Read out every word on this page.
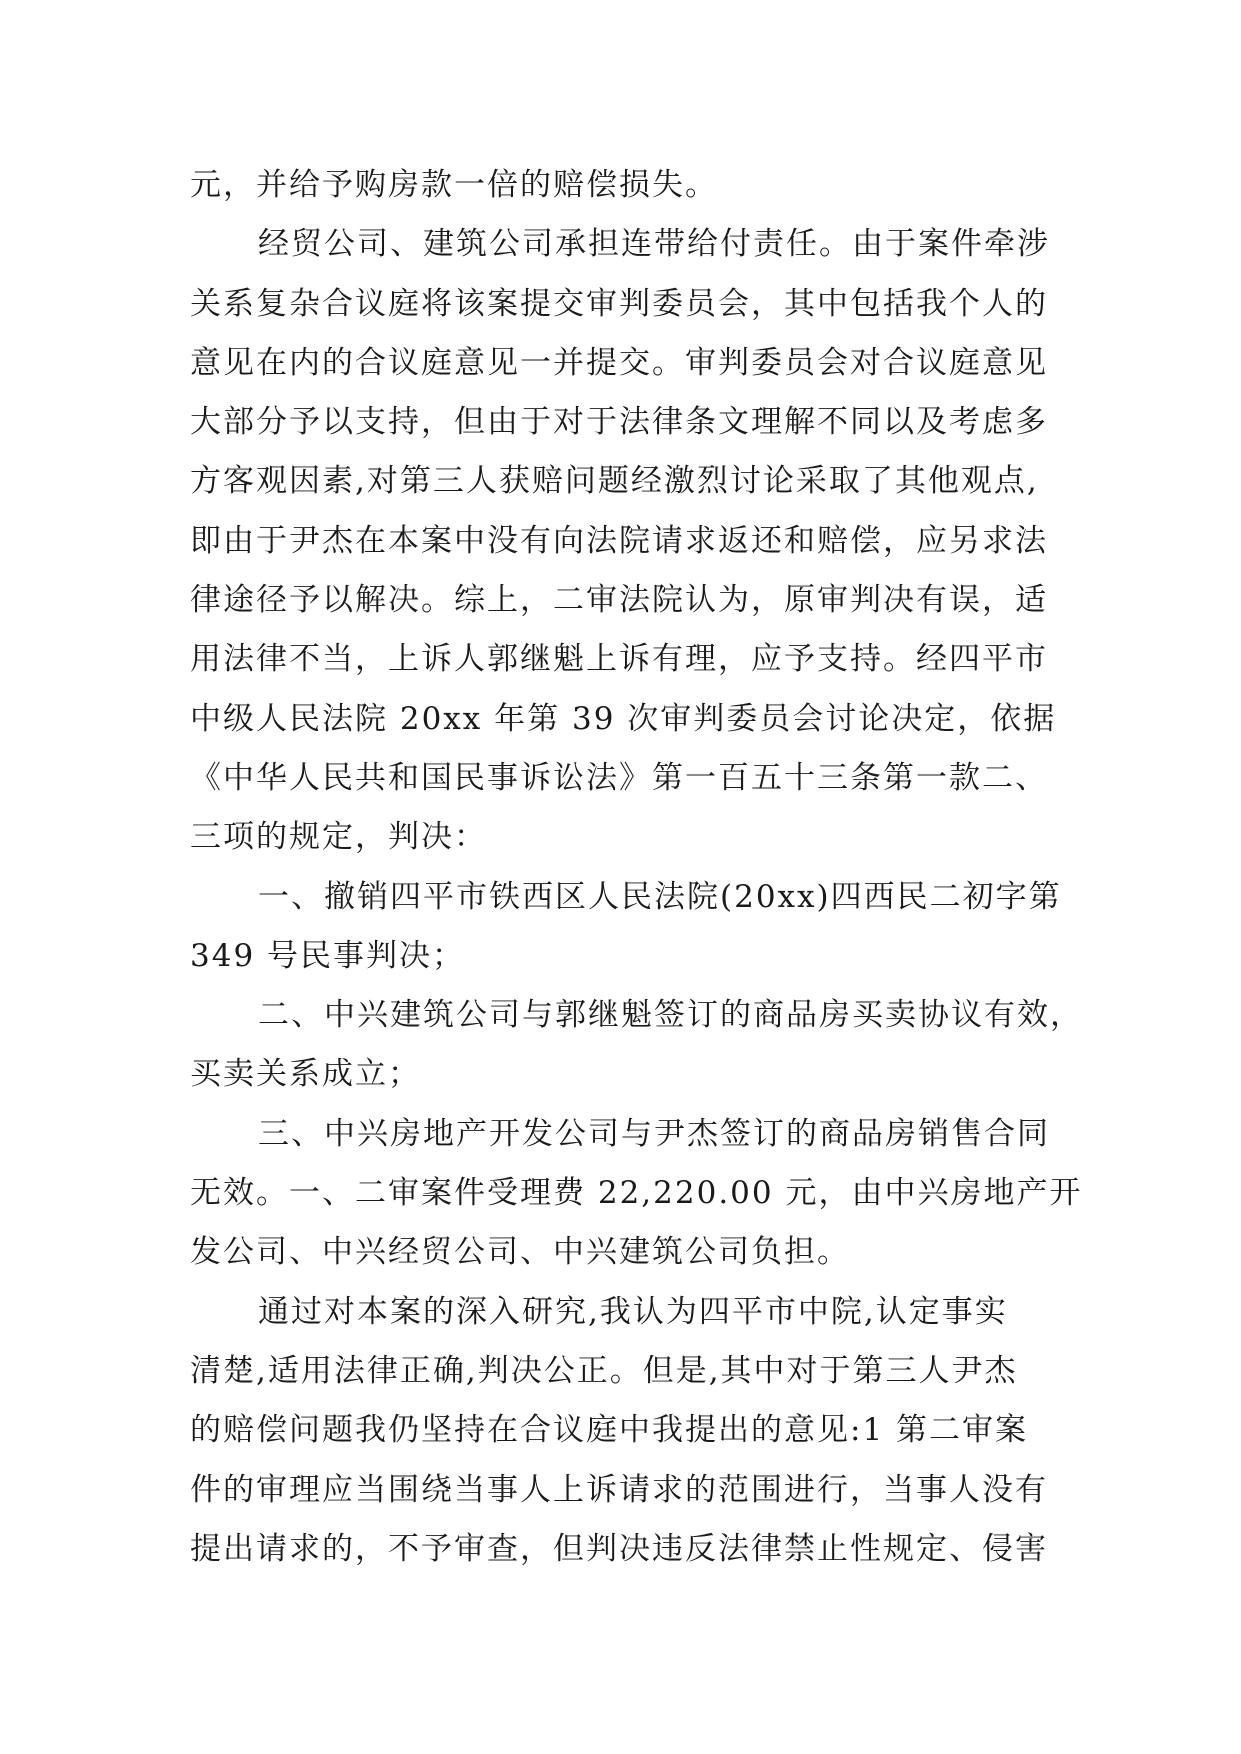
元，并给予购房款一倍的赔偿损失。
经贸公司、建筑公司承担连带给付责任。由于案件牵涉
关系复杂合议庭将该案提交审判委员会，其中包括我个人的
意见在内的合议庭意见一并提交。审判委员会对合议庭意见
大部分予以支持，但由于对于法律条文理解不同以及考虑多
方客观因素,对第三人获赔问题经激烈讨论采取了其他观点,
即由于尹杰在本案中没有向法院请求返还和赔偿，应另求法
律途径予以解决。综上，二审法院认为，原审判决有误，适
用法律不当，上诉人郭继魁上诉有理，应予支持。经四平市
中级人民法院 20xx 年第 39 次审判委员会讨论决定，依据
《中华人民共和国民事诉讼法》第一百五十三条第一款二、
三项的规定，判决：
一、撤销四平市铁西区人民法院(20xx)四西民二初字第
349 号民事判决；
二、中兴建筑公司与郭继魁签订的商品房买卖协议有效，
买卖关系成立；
三、中兴房地产开发公司与尹杰签订的商品房销售合同
无效。一、二审案件受理费 22,220.00 元，由中兴房地产开
发公司、中兴经贸公司、中兴建筑公司负担。
通过对本案的深入研究,我认为四平市中院,认定事实
清楚,适用法律正确,判决公正。但是,其中对于第三人尹杰
的赔偿问题我仍坚持在合议庭中我提出的意见:1 第二审案
件的审理应当围绕当事人上诉请求的范围进行，当事人没有
提出请求的，不予审查，但判决违反法律禁止性规定、侵害
